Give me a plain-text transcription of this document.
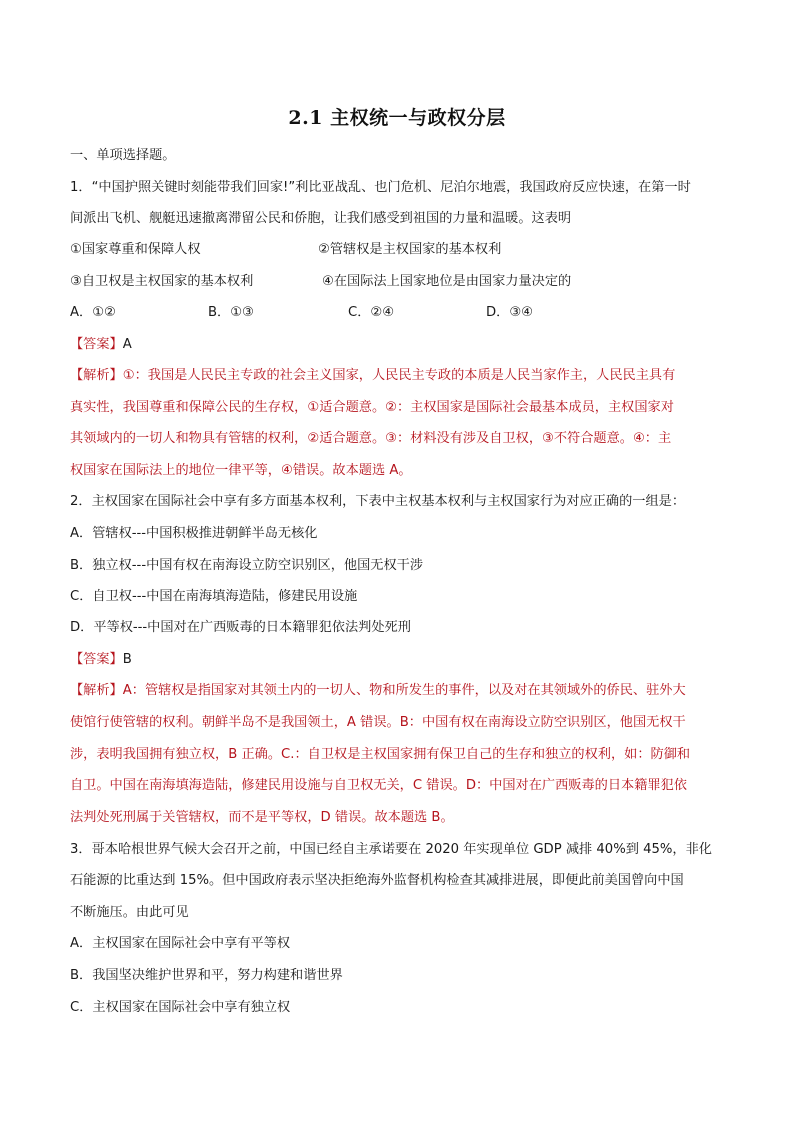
2.1 主权统一与政权分层
一、单项选择题。
1．“中国护照关键时刻能带我们回家!”利比亚战乱、也门危机、尼泊尔地震，我国政府反应快速，在第一时
间派出飞机、舰艇迅速撤离滞留公民和侨胞，让我们感受到祖国的力量和温暖。这表明
①国家尊重和保障人权	②管辖权是主权国家的基本权利
③自卫权是主权国家的基本权利	④在国际法上国家地位是由国家力量决定的
A．①②	B．①③	C．②④	D．③④
【答案】A
【解析】①：我国是人民民主专政的社会主义国家，人民民主专政的本质是人民当家作主，人民民主具有
真实性，我国尊重和保障公民的生存权，①适合题意。②：主权国家是国际社会最基本成员，主权国家对
其领域内的一切人和物具有管辖的权利，②适合题意。③：材料没有涉及自卫权，③不符合题意。④：主
权国家在国际法上的地位一律平等，④错误。故本题选 A。
2．主权国家在国际社会中享有多方面基本权利，下表中主权基本权利与主权国家行为对应正确的一组是：
A．管辖权---中国积极推进朝鲜半岛无核化
B．独立权---中国有权在南海设立防空识别区，他国无权干涉
C．自卫权---中国在南海填海造陆，修建民用设施
D．平等权---中国对在广西贩毒的日本籍罪犯依法判处死刑
【答案】B
【解析】A：管辖权是指国家对其领土内的一切人、物和所发生的事件，以及对在其领域外的侨民、驻外大
使馆行使管辖的权利。朝鲜半岛不是我国领土，A 错误。B：中国有权在南海设立防空识别区，他国无权干
涉，表明我国拥有独立权，B 正确。C.：自卫权是主权国家拥有保卫自己的生存和独立的权利，如：防御和
自卫。中国在南海填海造陆，修建民用设施与自卫权无关，C 错误。D：中国对在广西贩毒的日本籍罪犯依
法判处死刑属于关管辖权，而不是平等权，D 错误。故本题选 B。
3．哥本哈根世界气候大会召开之前，中国已经自主承诺要在 2020 年实现单位 GDP 减排 40%到 45%，非化
石能源的比重达到 15%。但中国政府表示坚决拒绝海外监督机构检查其减排进展，即便此前美国曾向中国
不断施压。由此可见
A．主权国家在国际社会中享有平等权
B．我国坚决维护世界和平，努力构建和谐世界
C．主权国家在国际社会中享有独立权
